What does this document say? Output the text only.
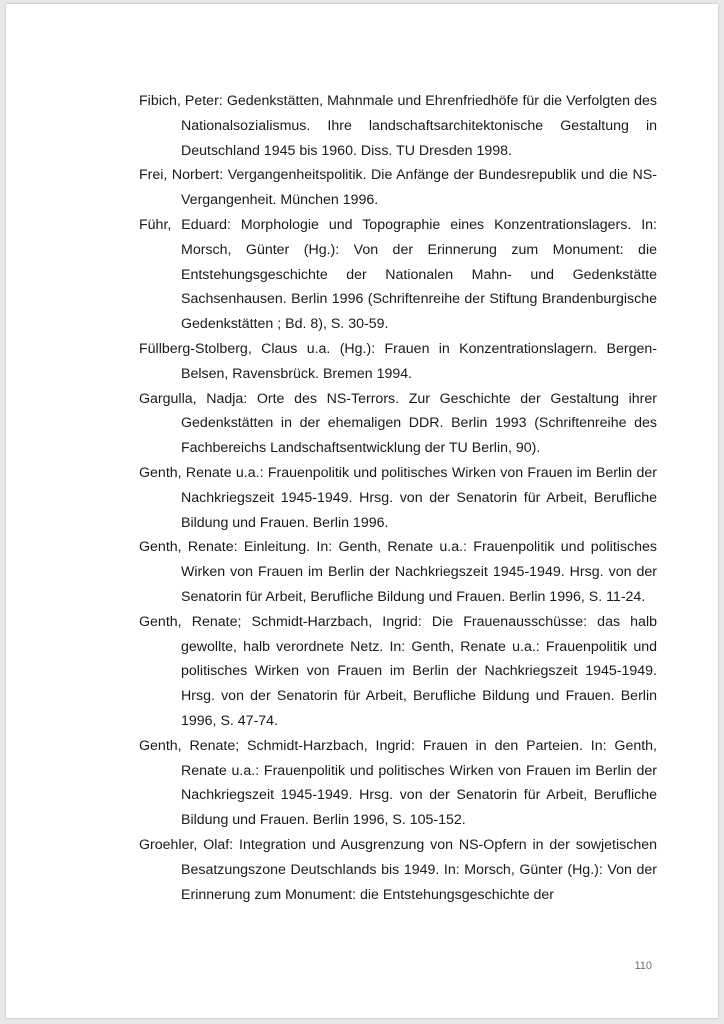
Fibich, Peter: Gedenkstätten, Mahnmale und Ehrenfriedhöfe für die Verfolgten des Nationalsozialismus. Ihre landschaftsarchitektonische Gestaltung in Deutschland 1945 bis 1960. Diss. TU Dresden 1998.
Frei, Norbert: Vergangenheitspolitik. Die Anfänge der Bundesrepublik und die NS-Vergangenheit. München 1996.
Führ, Eduard: Morphologie und Topographie eines Konzentrationslagers. In: Morsch, Günter (Hg.): Von der Erinnerung zum Monument: die Entstehungsgeschichte der Nationalen Mahn- und Gedenkstätte Sachsenhausen. Berlin 1996 (Schriftenreihe der Stiftung Brandenburgische Gedenkstätten ; Bd. 8), S. 30-59.
Füllberg-Stolberg, Claus u.a. (Hg.): Frauen in Konzentrationslagern. Bergen-Belsen, Ravensbrück. Bremen 1994.
Gargulla, Nadja: Orte des NS-Terrors. Zur Geschichte der Gestaltung ihrer Gedenkstätten in der ehemaligen DDR. Berlin 1993 (Schriftenreihe des Fachbereichs Landschaftsentwicklung der TU Berlin, 90).
Genth, Renate u.a.: Frauenpolitik und politisches Wirken von Frauen im Berlin der Nachkriegszeit 1945-1949. Hrsg. von der Senatorin für Arbeit, Berufliche Bildung und Frauen. Berlin 1996.
Genth, Renate: Einleitung. In: Genth, Renate u.a.: Frauenpolitik und politisches Wirken von Frauen im Berlin der Nachkriegszeit 1945-1949. Hrsg. von der Senatorin für Arbeit, Berufliche Bildung und Frauen. Berlin 1996, S. 11-24.
Genth, Renate; Schmidt-Harzbach, Ingrid: Die Frauenausschüsse: das halb gewollte, halb verordnete Netz. In: Genth, Renate u.a.: Frauenpolitik und politisches Wirken von Frauen im Berlin der Nachkriegszeit 1945-1949. Hrsg. von der Senatorin für Arbeit, Berufliche Bildung und Frauen. Berlin 1996, S. 47-74.
Genth, Renate; Schmidt-Harzbach, Ingrid: Frauen in den Parteien. In: Genth, Renate u.a.: Frauenpolitik und politisches Wirken von Frauen im Berlin der Nachkriegszeit 1945-1949. Hrsg. von der Senatorin für Arbeit, Berufliche Bildung und Frauen. Berlin 1996, S. 105-152.
Groehler, Olaf: Integration und Ausgrenzung von NS-Opfern in der sowjetischen Besatzungszone Deutschlands bis 1949. In: Morsch, Günter (Hg.): Von der Erinnerung zum Monument: die Entstehungsgeschichte der
110
